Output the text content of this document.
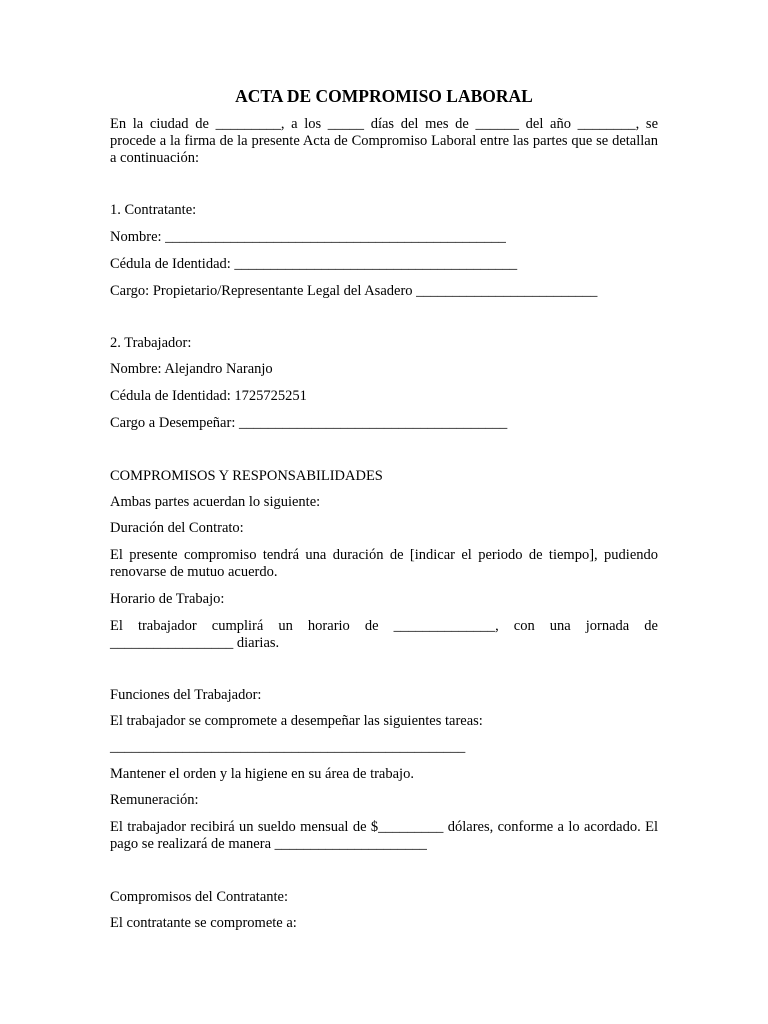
ACTA DE COMPROMISO LABORAL

En la ciudad de _________, a los _____ días del mes de ______ del año ________, se procede a la firma de la presente Acta de Compromiso Laboral entre las partes que se detallan a continuación:

1. Contratante:
Nombre: _______________________________________________
Cédula de Identidad: _______________________________________
Cargo: Propietario/Representante Legal del Asadero _________________________
2. Trabajador:
Nombre: Alejandro Naranjo
Cédula de Identidad: 1725725251
Cargo a Desempeñar: _____________________________________
COMPROMISOS Y RESPONSABILIDADES
Ambas partes acuerdan lo siguiente:
Duración del Contrato:

El presente compromiso tendrá una duración de [indicar el periodo de tiempo], pudiendo renovarse de mutuo acuerdo.

Horario de Trabajo:

El trabajador cumplirá un horario de ______________, con una jornada de _________________ diarias.

Funciones del Trabajador:
El trabajador se compromete a desempeñar las siguientes tareas:
_________________________________________________
Mantener el orden y la higiene en su área de trabajo.
Remuneración:

El trabajador recibirá un sueldo mensual de $_________ dólares, conforme a lo acordado. El pago se realizará de manera _____________________

Compromisos del Contratante:
El contratante se compromete a:
